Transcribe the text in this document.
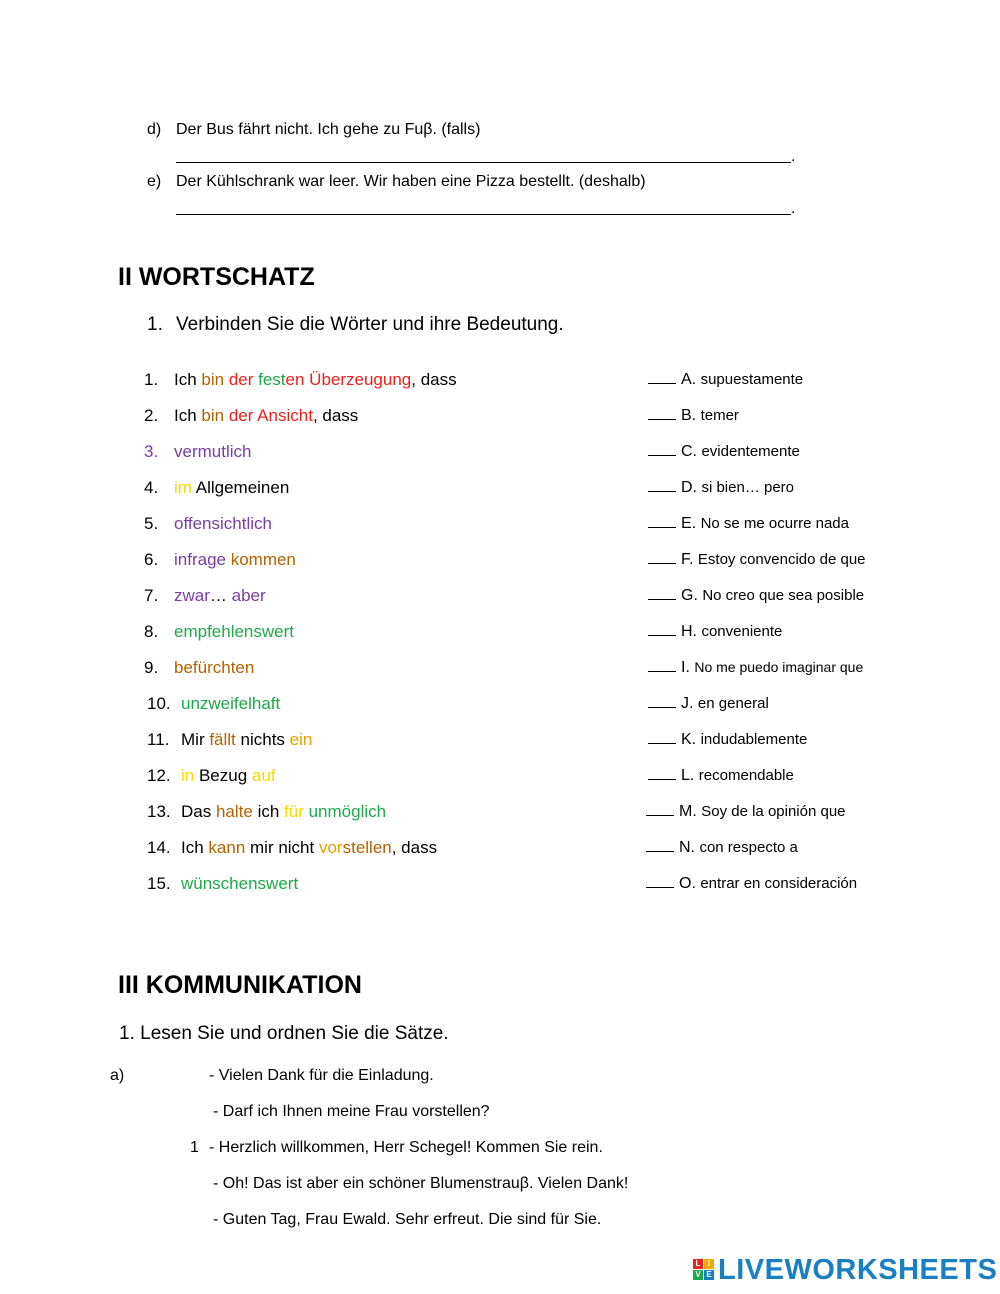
d) Der Bus fährt nicht. Ich gehe zu Fuβ. (falls)
.
e) Der Kühlschrank war leer. Wir haben eine Pizza bestellt. (deshalb)
.
II WORTSCHATZ
1. Verbinden Sie die Wörter und ihre Bedeutung.
1. Ich bin der festen Überzeugung, dass
2. Ich bin der Ansicht, dass
3. vermutlich
4. im Allgemeinen
5. offensichtlich
6. infrage kommen
7. zwar… aber
8. empfehlenswert
9. befürchten
10. unzweifelhaft
11. Mir fällt nichts ein
12. in Bezug auf
13. Das halte ich für unmöglich
14. Ich kann mir nicht vorstellen, dass
15. wünschenswert
A. supuestamente
B. temer
C. evidentemente
D. si bien… pero
E. No se me ocurre nada
F. Estoy convencido de que
G. No creo que sea posible
H. conveniente
I. No me puedo imaginar que
J. en general
K. indudablemente
L. recomendable
M. Soy de la opinión que
N. con respecto a
O. entrar en consideración
III KOMMUNIKATION
1. Lesen Sie und ordnen Sie die Sätze.
a)	- Vielen Dank für die Einladung.
- Darf ich Ihnen meine Frau vorstellen?
1 - Herzlich willkommen, Herr Schegel! Kommen Sie rein.
- Oh! Das ist aber ein schöner Blumenstrauβ. Vielen Dank!
- Guten Tag, Frau Ewald. Sehr erfreut. Die sind für Sie.
L I
V E LIVEWORKSHEETS
